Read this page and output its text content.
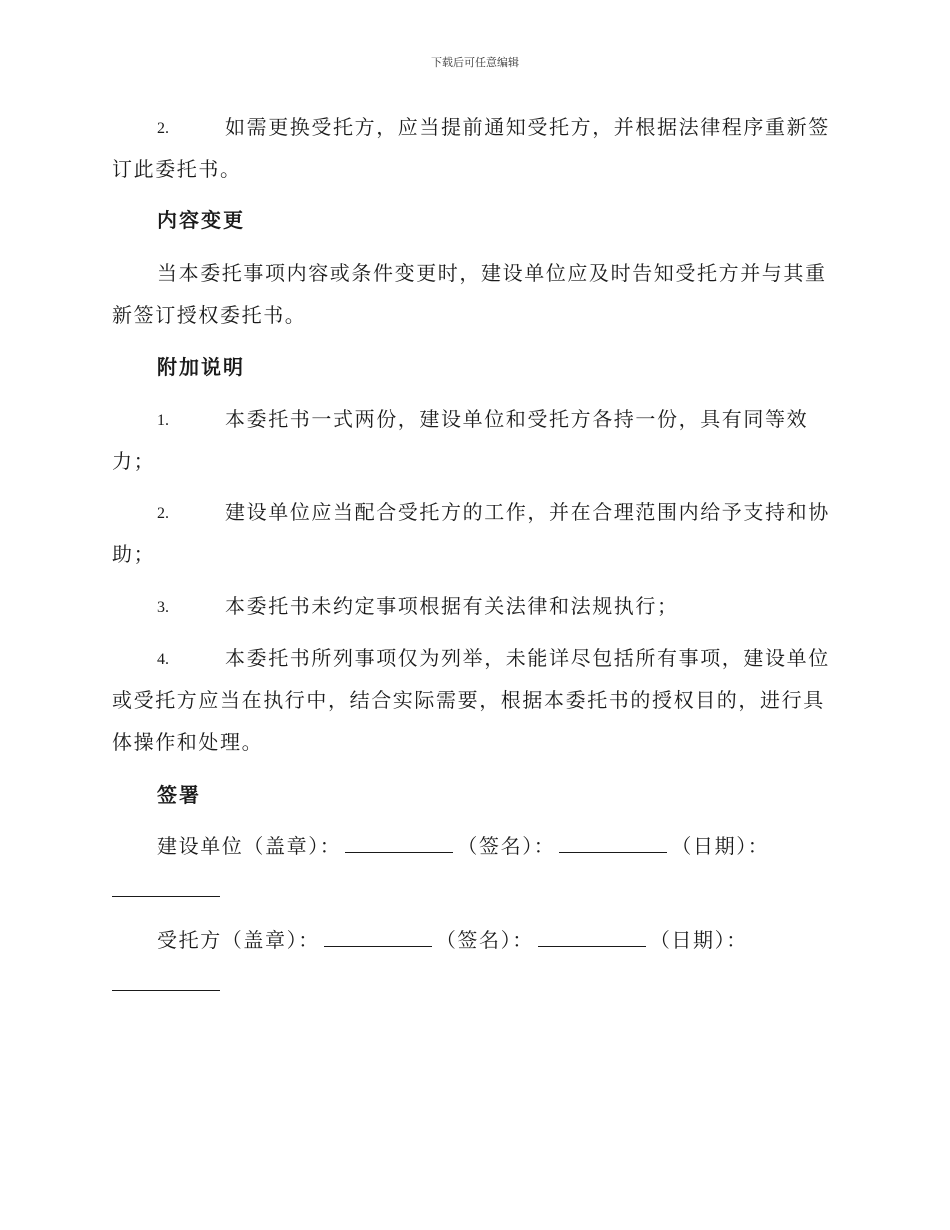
下载后可任意编辑
2.	如需更换受托方，应当提前通知受托方，并根据法律程序重新签
订此委托书。
内容变更
当本委托事项内容或条件变更时，建设单位应及时告知受托方并与其重
新签订授权委托书。
附加说明
1.	本委托书一式两份，建设单位和受托方各持一份，具有同等效
力；
2.	建设单位应当配合受托方的工作，并在合理范围内给予支持和协
助；
3.	本委托书未约定事项根据有关法律和法规执行；
4.	本委托书所列事项仅为列举，未能详尽包括所有事项，建设单位
或受托方应当在执行中，结合实际需要，根据本委托书的授权目的，进行具
体操作和处理。
签署
建设单位（盖章）：	（签名）：	（日期）：
受托方（盖章）：	（签名）：	（日期）：
